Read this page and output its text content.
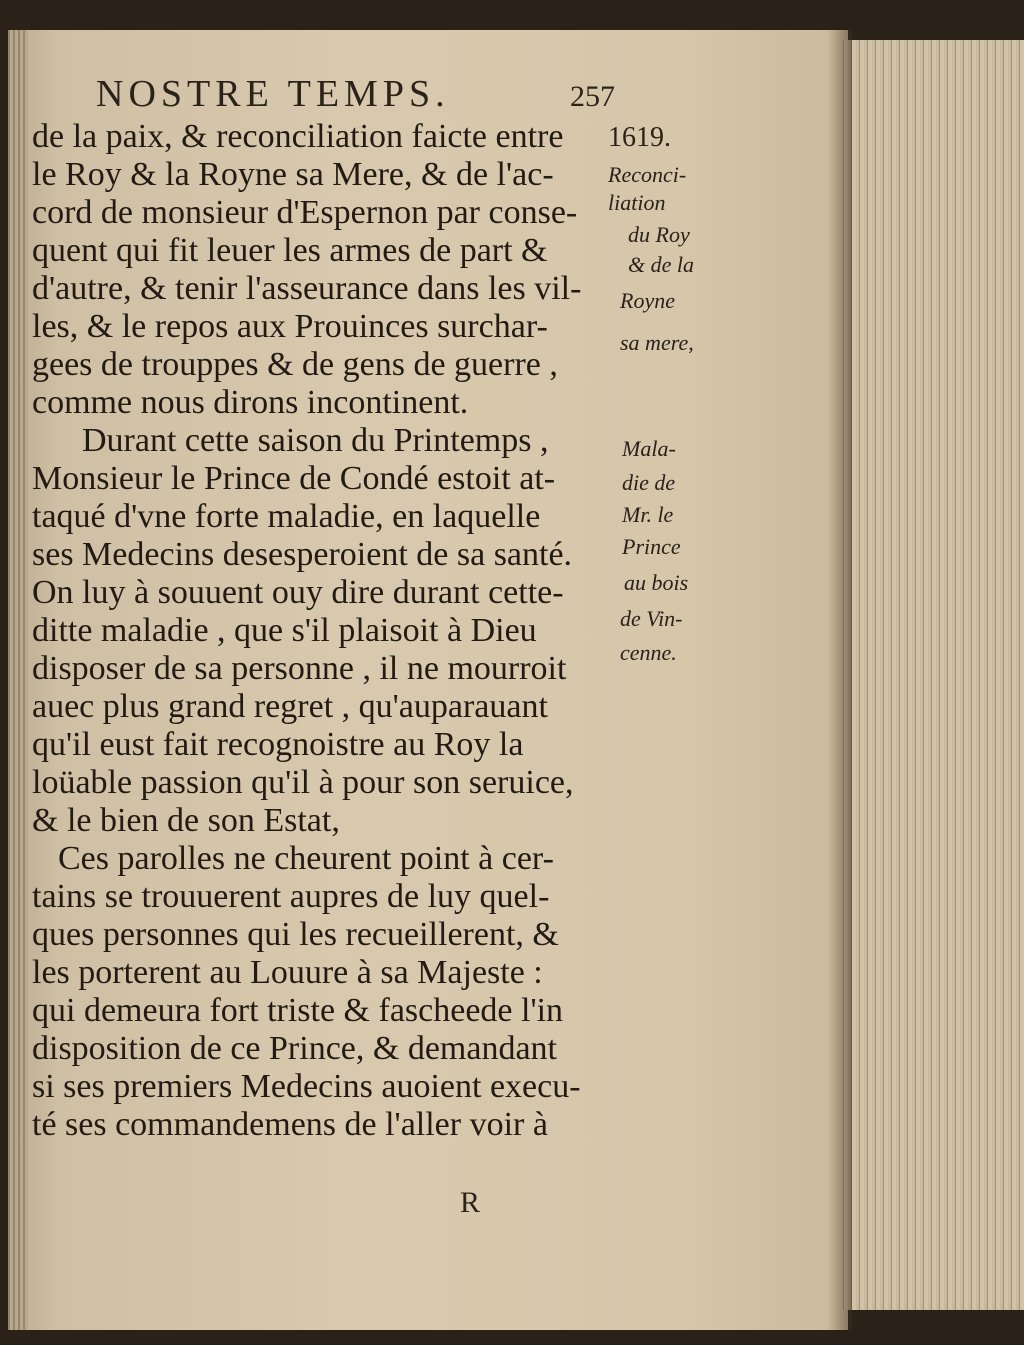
NOSTRE TEMPS.	257
de la paix, & reconciliation faicte entre
le Roy & la Royne sa Mere, & de l'ac-
cord de monsieur d'Espernon par conse-
quent qui fit leuer les armes de part &
d'autre, & tenir l'asseurance dans les vil-
les, & le repos aux Prouinces surchar-
gees de trouppes & de gens de guerre ,
comme nous dirons incontinent.
Durant cette saison du Printemps ,
Monsieur le Prince de Condé estoit at-
taqué d'vne forte maladie, en laquelle
ses Medecins desesperoient de sa santé.
On luy à souuent ouy dire durant cette-
ditte maladie , que s'il plaisoit à Dieu
disposer de sa personne , il ne mourroit
auec plus grand regret , qu'auparauant
qu'il eust fait recognoistre au Roy la
loüable passion qu'il à pour son seruice,
& le bien de son Estat,
Ces parolles ne cheurent point à cer-
tains se trouuerent aupres de luy quel-
ques personnes qui les recueillerent, &
les porterent au Louure à sa Majeste :
qui demeura fort triste & fascheede l'in
disposition de ce Prince, & demandant
si ses premiers Medecins auoient execu-
té ses commandemens de l'aller voir à
1619.
Reconci-
liation
du Roy
& de la
Royne
sa mere,
Mala-
die de
Mr. le
Prince
au bois
de Vin-
cenne.
R
